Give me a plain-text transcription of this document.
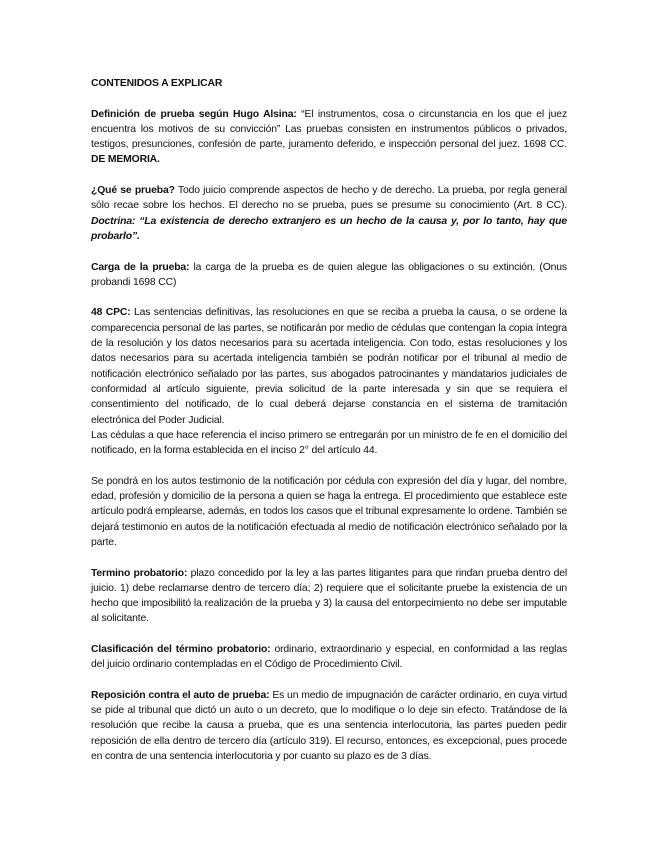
CONTENIDOS A EXPLICAR

Definición de prueba según Hugo Alsina: “El instrumentos, cosa o circunstancia en los que el juez encuentra los motivos de su convicción” Las pruebas consisten en instrumentos públicos o privados, testigos, presunciones, confesión de parte, juramento deferido, e inspección personal del juez. 1698 CC. DE MEMORIA.

¿Qué se prueba? Todo juicio comprende aspectos de hecho y de derecho. La prueba, por regla general sólo recae sobre los hechos. El derecho no se prueba, pues se presume su conocimiento (Art. 8 CC). Doctrina: “La existencia de derecho extranjero es un hecho de la causa y, por lo tanto, hay que probarlo”.

Carga de la prueba: la carga de la prueba es de quien alegue las obligaciones o su extinción. (Onus probandi 1698 CC)

48 CPC: Las sentencias definitivas, las resoluciones en que se reciba a prueba la causa, o se ordene la comparecencia personal de las partes, se notificarán por medio de cédulas que contengan la copia íntegra de la resolución y los datos necesarios para su acertada inteligencia. Con todo, estas resoluciones y los datos necesarios para su acertada inteligencia también se podrán notificar por el tribunal al medio de notificación electrónico señalado por las partes, sus abogados patrocinantes y mandatarios judiciales de conformidad al artículo siguiente, previa solicitud de la parte interesada y sin que se requiera el consentimiento del notificado, de lo cual deberá dejarse constancia en el sistema de tramitación electrónica del Poder Judicial.

Las cédulas a que hace referencia el inciso primero se entregarán por un ministro de fe en el domicilio del notificado, en la forma establecida en el inciso 2° del artículo 44.

Se pondrá en los autos testimonio de la notificación por cédula con expresión del día y lugar, del nombre, edad, profesión y domicilio de la persona a quien se haga la entrega. El procedimiento que establece este artículo podrá emplearse, además, en todos los casos que el tribunal expresamente lo ordene. También se dejará testimonio en autos de la notificación efectuada al medio de notificación electrónico señalado por la parte.

Termino probatorio: plazo concedido por la ley a las partes litigantes para que rindan prueba dentro del juicio. 1) debe reclamarse dentro de tercero día; 2) requiere que el solicitante pruebe la existencia de un hecho que imposibilitó la realización de la prueba y 3) la causa del entorpecimiento no debe ser imputable al solicitante.

Clasificación del término probatorio: ordinario, extraordinario y especial, en conformidad a las reglas del juicio ordinario contempladas en el Código de Procedimiento Civil.

Reposición contra el auto de prueba: Es un medio de impugnación de carácter ordinario, en cuya virtud se pide al tribunal que dictó un auto o un decreto, que lo modifique o lo deje sin efecto. Tratándose de la resolución que recibe la causa a prueba, que es una sentencia interlocutoria, las partes pueden pedir reposición de ella dentro de tercero día (artículo 319). El recurso, entonces, es excepcional, pues procede en contra de una sentencia interlocutoria y por cuanto su plazo es de 3 días.
